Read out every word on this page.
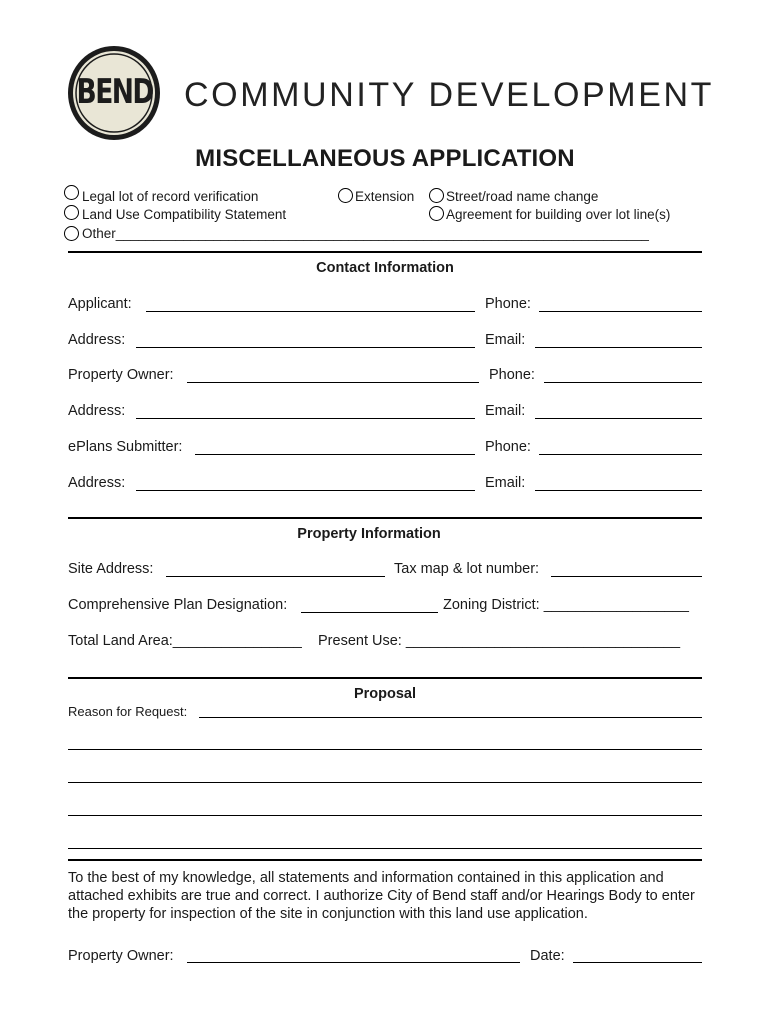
BEND COMMUNITY DEVELOPMENT
MISCELLANEOUS APPLICATION
Legal lot of record verification	Extension Street/road name change
Land Use Compatibility Statement	Agreement for building over lot line(s)
Other_______________________________________________________________________
Contact Information
Applicant:	Phone:
Address:	Email:
Property Owner:	Phone:
Address:	Email:
ePlans Submitter:	Phone:
Address:	Email:
Property Information
Site Address:	Tax map & lot number:
Comprehensive Plan Designation:	Zoning District: __________________
Total Land Area:________________ Present Use: __________________________________
Proposal
Reason for Request:
To the best of my knowledge, all statements and information contained in this application and attached exhibits are true and correct. I authorize City of Bend staff and/or Hearings Body to enter the property for inspection of the site in conjunction with this land use application.
Property Owner:	Date:
